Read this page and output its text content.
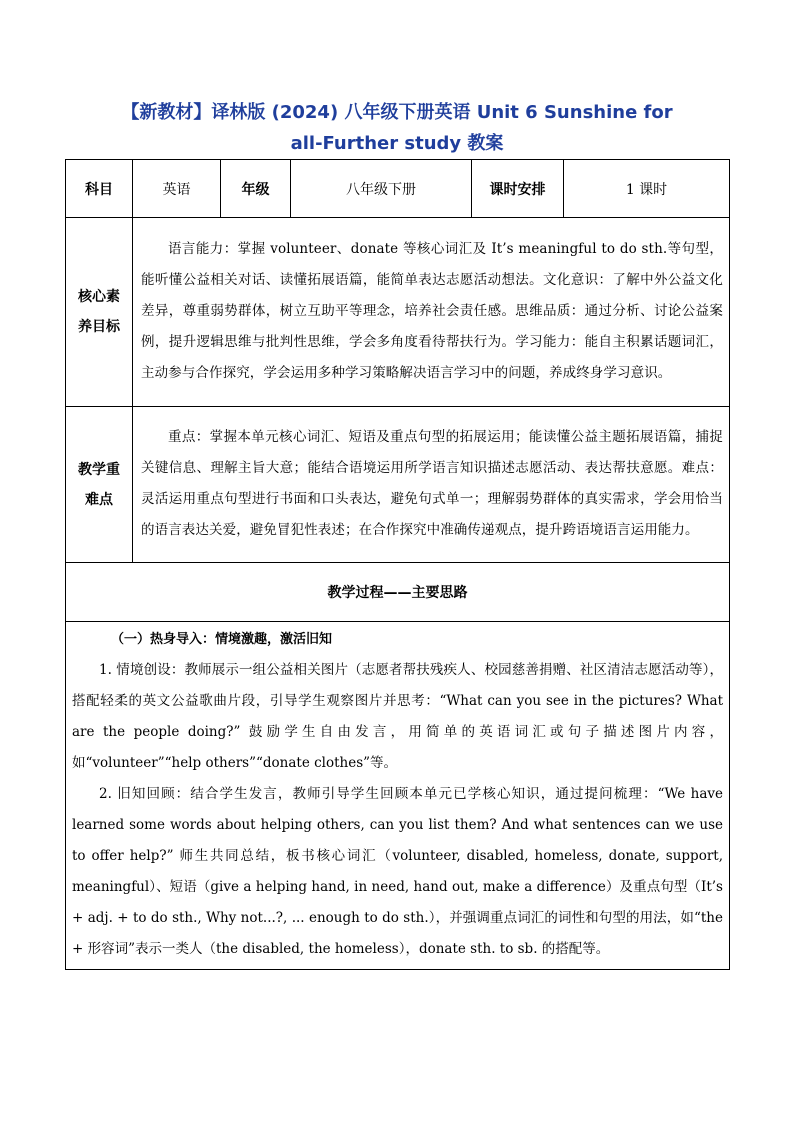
【新教材】译林版 (2024) 八年级下册英语 Unit 6 Sunshine for
all-Further study 教案
科目	英语	年级	八年级下册	课时安排	1 课时

核心素
养目标	语言能力：掌握 volunteer、donate 等核心词汇及 It’s meaningful to do sth.等句型，能听懂公益相关对话、读懂拓展语篇，能简单表达志愿活动想法。文化意识：了解中外公益文化差异，尊重弱势群体，树立互助平等理念，培养社会责任感。思维品质：通过分析、讨论公益案例，提升逻辑思维与批判性思维，学会多角度看待帮扶行为。学习能力：能自主积累话题词汇，主动参与合作探究，学会运用多种学习策略解决语言学习中的问题，养成终身学习意识。				

教学重
难点	重点：掌握本单元核心词汇、短语及重点句型的拓展运用；能读懂公益主题拓展语篇，捕捉关键信息、理解主旨大意；能结合语境运用所学语言知识描述志愿活动、表达帮扶意愿。难点：灵活运用重点句型进行书面和口头表达，避免句式单一；理解弱势群体的真实需求，学会用恰当的语言表达关爱，避免冒犯性表述；在合作探究中准确传递观点，提升跨语境语言运用能力。				

教学过程——主要思路					

（一）热身导入：情境激趣，激活旧知

1. 情境创设：教师展示一组公益相关图片（志愿者帮扶残疾人、校园慈善捐赠、社区清洁志愿活动等），搭配轻柔的英文公益歌曲片段，引导学生观察图片并思考：“What can you see in the pictures? What are the people doing?” 鼓励学生自由发言，用简单的英语词汇或句子描述图片内容，如“volunteer”“help others”“donate clothes”等。

2. 旧知回顾：结合学生发言，教师引导学生回顾本单元已学核心知识，通过提问梳理：“We have learned some words about helping others, can you list them? And what sentences can we use to offer help?” 师生共同总结，板书核心词汇（volunteer, disabled, homeless, donate, support, meaningful）、短语（give a helping hand, in need, hand out, make a difference）及重点句型（It’s + adj. + to do sth., Why not...?, ... enough to do sth.），并强调重点词汇的词性和句型的用法，如“the + 形容词”表示一类人（the disabled, the homeless），donate sth. to sb. 的搭配等。					
